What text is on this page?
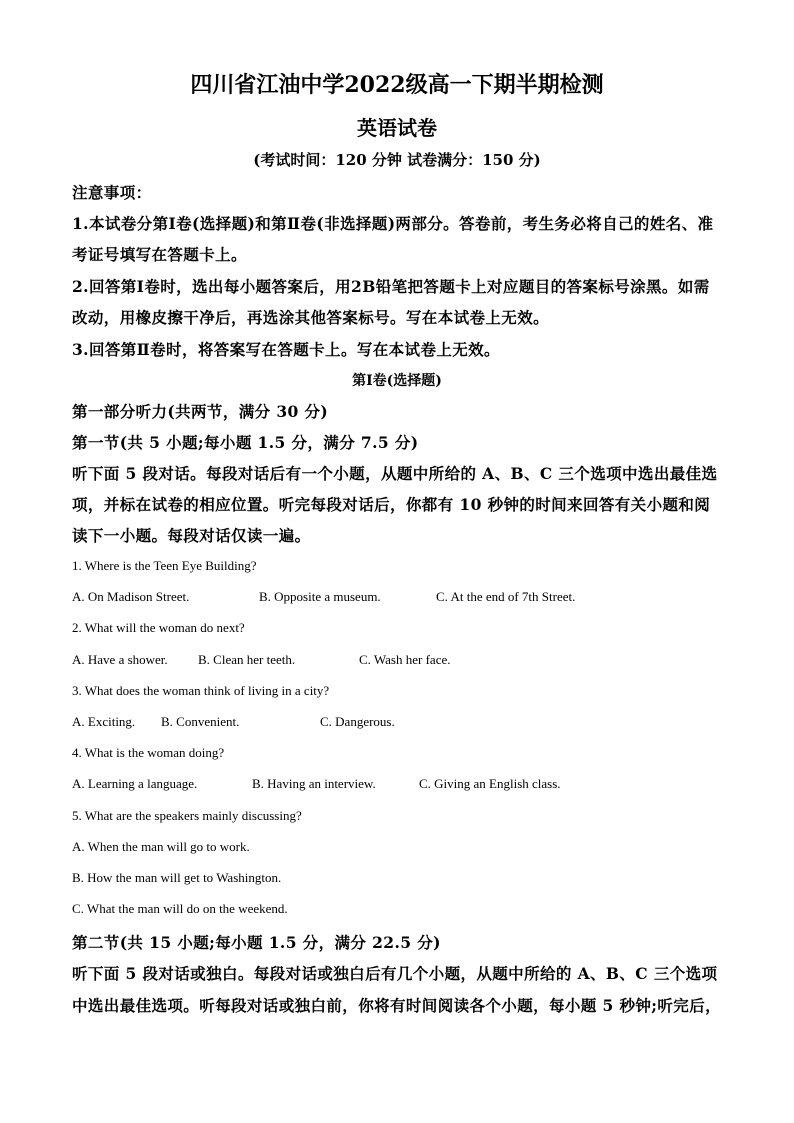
四川省江油中学2022级高一下期半期检测
英语试卷
(考试时间：120 分钟 试卷满分：150 分)
注意事项：
1.本试卷分第Ⅰ卷(选择题)和第Ⅱ卷(非选择题)两部分。答卷前，考生务必将自己的姓名、准
考证号填写在答题卡上。
2.回答第Ⅰ卷时，选出每小题答案后，用2B铅笔把答题卡上对应题目的答案标号涂黑。如需
改动，用橡皮擦干净后，再选涂其他答案标号。写在本试卷上无效。
3.回答第Ⅱ卷时，将答案写在答题卡上。写在本试卷上无效。
第Ⅰ卷(选择题)
第一部分听力(共两节，满分 30 分)
第一节(共 5 小题;每小题 1.5 分，满分 7.5 分)
听下面 5 段对话。每段对话后有一个小题，从题中所给的 A、B、C 三个选项中选出最佳选
项，并标在试卷的相应位置。听完每段对话后，你都有 10 秒钟的时间来回答有关小题和阅
读下一小题。每段对话仅读一遍。
1. Where is the Teen Eye Building?
A. On Madison Street.	B. Opposite a museum.	C. At the end of 7th Street.
2. What will the woman do next?
A. Have a shower. B. Clean her teeth.	C. Wash her face.
3. What does the woman think of living in a city?
A. Exciting. B. Convenient.	C. Dangerous.
4. What is the woman doing?
A. Learning a language.	B. Having an interview.	C. Giving an English class.
5. What are the speakers mainly discussing?
A. When the man will go to work.
B. How the man will get to Washington.
C. What the man will do on the weekend.
第二节(共 15 小题;每小题 1.5 分，满分 22.5 分)
听下面 5 段对话或独白。每段对话或独白后有几个小题，从题中所给的 A、B、C 三个选项
中选出最佳选项。听每段对话或独白前，你将有时间阅读各个小题，每小题 5 秒钟;听完后，
